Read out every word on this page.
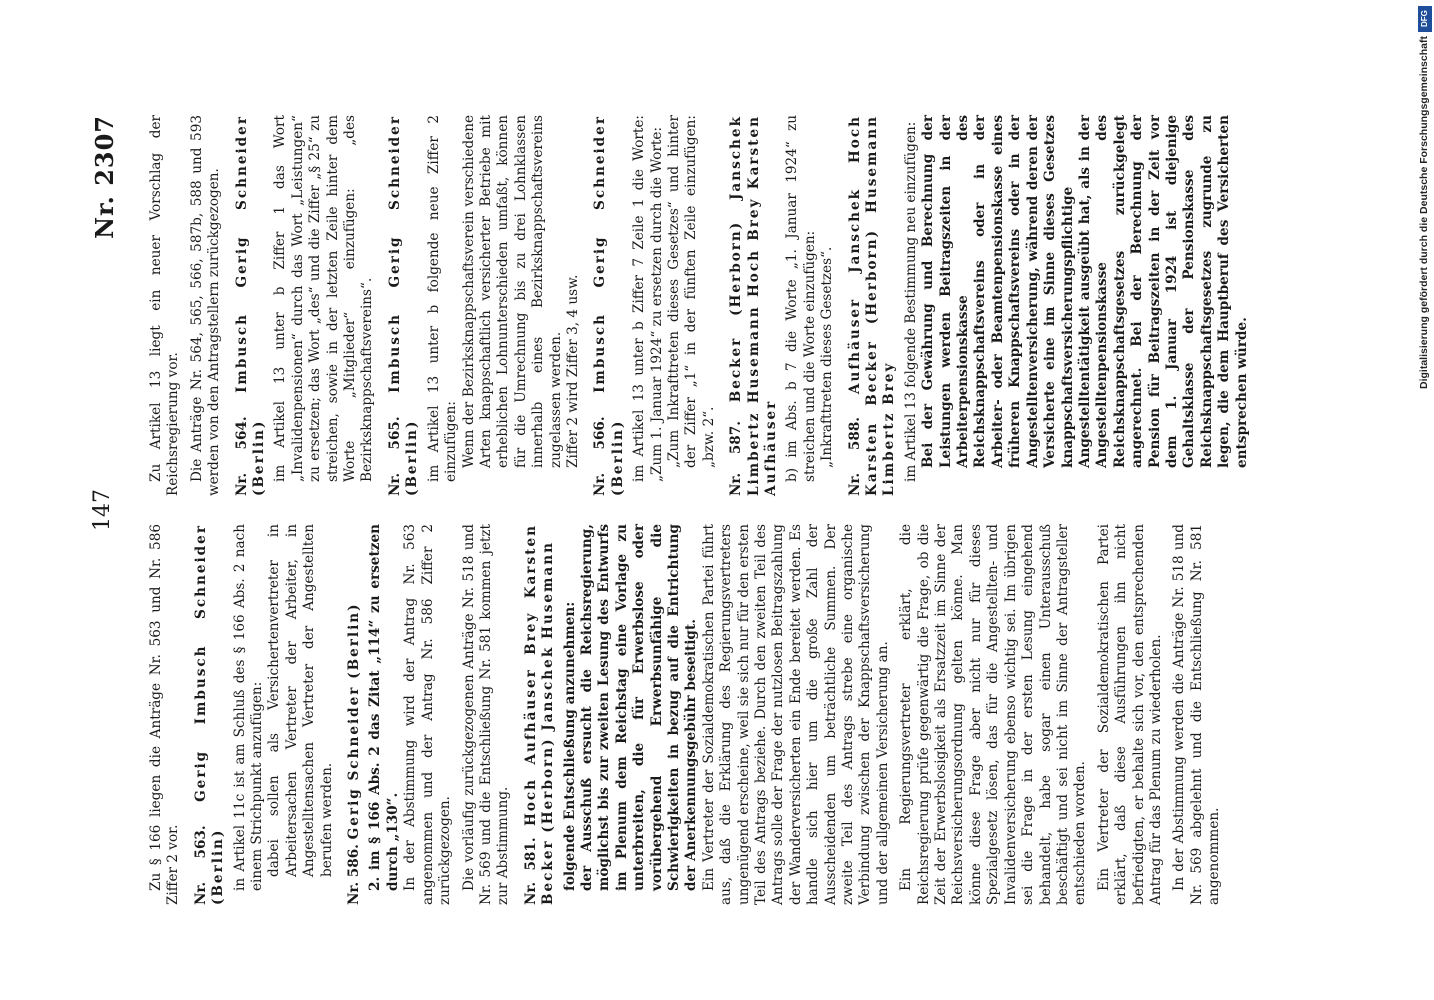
147
Nr. 2307

Zu § 166 liegen die Anträge Nr. 563 und Nr. 586 Ziffer 2 vor. Nr. 563. Gerig Imbusch Schneider (Berlin) in Artikel 11c ist am Schluß des § 166 Abs. 2 nach einem Strichpunkt anzufügen: dabei sollen als Versichertenvertreter in Arbeitersachen Vertreter der Arbeiter, in Angestelltensachen Vertreter der Angestellten berufen werden. Nr. 586. Gerig Schneider (Berlin) 2. im § 166 Abs. 2 das Zitat „114“ zu ersetzen durch „130“. In der Abstimmung wird der Antrag Nr. 563 angenommen und der Antrag Nr. 586 Ziffer 2 zurückgezogen. Die vorläufig zurückgezogenen Anträge Nr. 518 und Nr. 569 und die Entschließung Nr. 581 kommen jetzt zur Abstimmung. Nr. 581. Hoch Aufhäuser Brey Karsten Becker (Herborn) Janschek Husemann folgende Entschließung anzunehmen: der Ausschuß ersucht die Reichsregierung, möglichst bis zur zweiten Lesung des Entwurfs im Plenum dem Reichstag eine Vorlage zu unterbreiten, die für Erwerbslose oder vorübergehend Erwerbsunfähige die Schwierigkeiten in bezug auf die Entrichtung der Anerkennungsgebühr beseitigt. Ein Vertreter der Sozialdemokratischen Partei führt aus, daß die Erklärung des Regierungsvertreters ungenügend erscheine, weil sie sich nur für den ersten Teil des Antrags beziehe. Durch den zweiten Teil des Antrags solle der Frage der nutzlosen Beitragszahlung der Wanderversicherten ein Ende bereitet werden. Es handle sich hier um die große Zahl der Ausscheidenden um beträchtliche Summen. Der zweite Teil des Antrags strebe eine organische Verbindung zwischen der Knappschaftsversicherung und der allgemeinen Versicherung an. Ein Regierungsvertreter erklärt, die Reichsregierung prüfe gegenwärtig die Frage, ob die Zeit der Erwerbslosigkeit als Ersatzzeit im Sinne der Reichsversicherungsordnung gelten könne. Man könne diese Frage aber nicht nur für dieses Spezialgesetz lösen, das für die Angestellten- und Invalidenversicherung ebenso wichtig sei. Im übrigen sei die Frage in der ersten Lesung eingehend behandelt, habe sogar einen Unterausschuß beschäftigt und sei nicht im Sinne der Antragsteller entschieden worden. Ein Vertreter der Sozialdemokratischen Partei erklärt, daß diese Ausführungen ihn nicht befriedigten, er behalte sich vor, den entsprechenden Antrag für das Plenum zu wiederholen. In der Abstimmung werden die Anträge Nr. 518 und Nr. 569 abgelehnt und die Entschließung Nr. 581 angenommen.

Zu Artikel 13 liegt ein neuer Vorschlag der Reichsregierung vor. Die Anträge Nr. 564, 565, 566, 587b, 588 und 593 werden von den Antragstellern zurückgezogen. Nr. 564. Imbusch Gerig Schneider (Berlin) im Artikel 13 unter b Ziffer 1 das Wort „Invalidenpensionen“ durch das Wort „Leistungen“ zu ersetzen; das Wort „des“ und die Ziffer „§ 25“ zu streichen, sowie in der letzten Zeile hinter dem Worte „Mitglieder“ einzufügen: „des Bezirksknappschaftsvereins“. Nr. 565. Imbusch Gerig Schneider (Berlin) im Artikel 13 unter b folgende neue Ziffer 2 einzufügen: Wenn der Bezirksknappschaftsverein verschiedene Arten knappschaftlich versicherter Betriebe mit erheblichen Lohnunterschieden umfaßt, können für die Umrechnung bis zu drei Lohnklassen innerhalb eines Bezirksknappschaftsvereins zugelassen werden. Ziffer 2 wird Ziffer 3, 4 usw. Nr. 566. Imbusch Gerig Schneider (Berlin) im Artikel 13 unter b Ziffer 7 Zeile 1 die Worte: „Zum 1. Januar 1924“ zu ersetzen durch die Worte: „Zum Inkrafttreten dieses Gesetzes“ und hinter der Ziffer „1“ in der fünften Zeile einzufügen: „bzw. 2“. Nr. 587. Becker (Herborn) Janschek Limbertz Husemann Hoch Brey Karsten Aufhäuser b) im Abs. b 7 die Worte „1. Januar 1924“ zu streichen und die Worte einzufügen: „Inkrafttreten dieses Gesetzes“. Nr. 588. Aufhäuser Janschek Hoch Karsten Becker (Herborn) Husemann Limbertz Brey im Artikel 13 folgende Bestimmung neu einzufügen: Bei der Gewährung und Berechnung der Leistungen werden Beitragszeiten in der Arbeiterpensionskasse des Reichsknappschaftsvereins oder in der Arbeiter- oder Beamtenpensionskasse eines früheren Knappschaftsvereins oder in der Angestelltenversicherung, während deren der Versicherte eine im Sinne dieses Gesetzes knappschaftsversicherungspflichtige Angestelltentätigkeit ausgeübt hat, als in der Angestelltenpensionskasse des Reichsknappschaftsgesetzes zurückgelegt angerechnet. Bei der Berechnung der Pension für Beitragszeiten in der Zeit vor dem 1. Januar 1924 ist diejenige Gehaltsklasse der Pensionskasse des Reichsknappschaftsgesetzes zugrunde zu legen, die dem Hauptberuf des Versicherten entsprechen würde.
DFG
Digitalisierung gefördert durch die Deutsche Forschungsgemeinschaft
